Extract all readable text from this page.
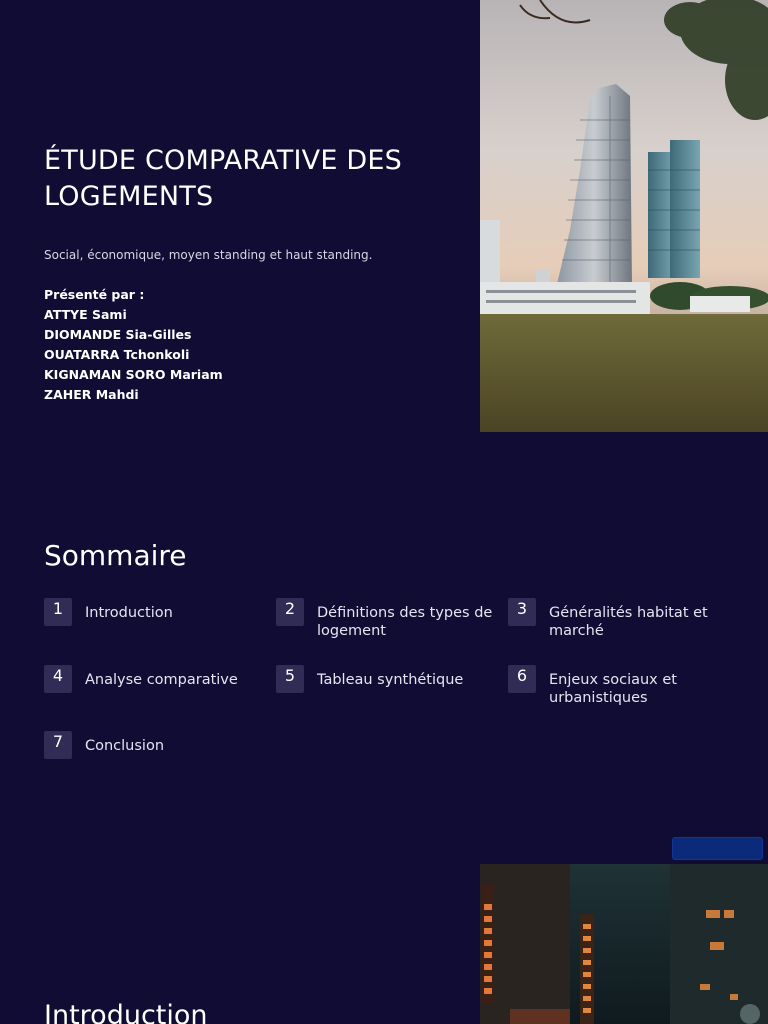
ÉTUDE COMPARATIVE DES
LOGEMENTS

Social, économique, moyen standing et haut standing.

Présenté par :
ATTYE Sami
DIOMANDE Sia-Gilles
OUATARRA Tchonkoli
KIGNAMAN SORO Mariam
ZAHER Mahdi
Sommaire
1	Introduction	2	Définitions des types de logement
3	Généralités habitat et marché
4	Analyse comparative	5	Tableau synthétique	6	Enjeux sociaux et urbanistiques
7	Conclusion
Introduction
